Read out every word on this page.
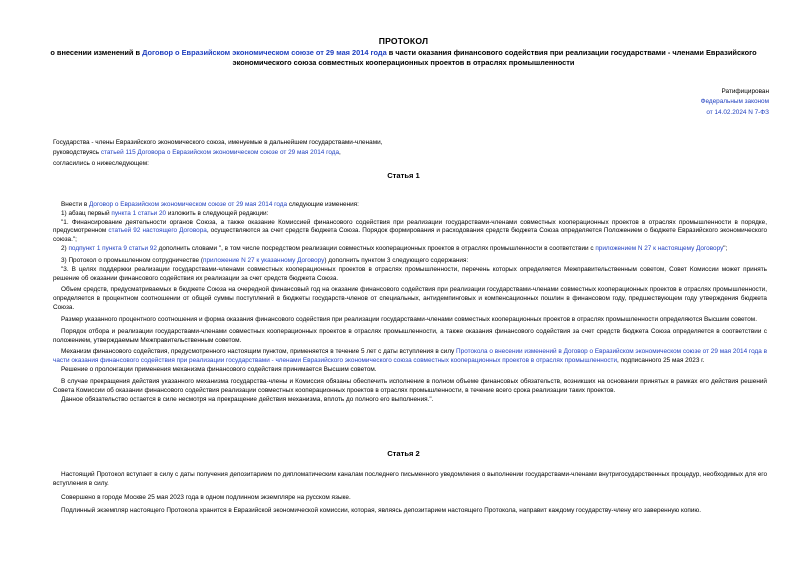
ПРОТОКОЛ
о внесении изменений в Договор о Евразийском экономическом союзе от 29 мая 2014 года в части оказания финансового содействия при реализации государствами - членами Евразийского экономического союза совместных кооперационных проектов в отраслях промышленности
Ратифицирован
Федеральным законом
от 14.02.2024 N 7-ФЗ
Государства - члены Евразийского экономического союза, именуемые в дальнейшем государствами-членами,
руководствуясь статьей 115 Договора о Евразийском экономическом союзе от 29 мая 2014 года,
согласились о нижеследующем:
Статья 1

Внести в Договор о Евразийском экономическом союзе от 29 мая 2014 года следующие изменения:

1) абзац первый пункта 1 статьи 20 изложить в следующей редакции:

"1. Финансирование деятельности органов Союза, а также оказание Комиссией финансового содействия при реализации государствами-членами совместных кооперационных проектов в отраслях промышленности в порядке, предусмотренном статьей 92 настоящего Договора, осуществляются за счет средств бюджета Союза. Порядок формирования и расходования средств бюджета Союза определяется Положением о бюджете Евразийского экономического союза.";

2) подпункт 1 пункта 9 статьи 92 дополнить словами ", в том числе посредством реализации совместных кооперационных проектов в отраслях промышленности в соответствии с приложением N 27 к настоящему Договору";

3) Протокол о промышленном сотрудничестве (приложение N 27 к указанному Договору) дополнить пунктом 3 следующего содержания:

"3. В целях поддержки реализации государствами-членами совместных кооперационных проектов в отраслях промышленности, перечень которых определяется Межправительственным советом, Совет Комиссии может принять решение об оказании финансового содействия их реализации за счет средств бюджета Союза.

Объем средств, предусматриваемых в бюджете Союза на очередной финансовый год на оказание финансового содействия при реализации государствами-членами совместных кооперационных проектов в отраслях промышленности, определяется в процентном соотношении от общей суммы поступлений в бюджеты государств-членов от специальных, антидемпинговых и компенсационных пошлин в финансовом году, предшествующем году утверждения бюджета Союза.

Размер указанного процентного соотношения и форма оказания финансового содействия при реализации государствами-членами совместных кооперационных проектов в отраслях промышленности определяются Высшим советом.

Порядок отбора и реализации государствами-членами совместных кооперационных проектов в отраслях промышленности, а также оказания финансового содействия за счет средств бюджета Союза определяется в соответствии с положением, утверждаемым Межправительственным советом.

Механизм финансового содействия, предусмотренного настоящим пунктом, применяется в течение 5 лет с даты вступления в силу Протокола о внесении изменений в Договор о Евразийском экономическом союзе от 29 мая 2014 года в части оказания финансового содействия при реализации государствами - членами Евразийского экономического союза совместных кооперационных проектов в отраслях промышленности, подписанного 25 мая 2023 г.

Решение о пролонгации применения механизма финансового содействия принимается Высшим советом.

В случае прекращения действия указанного механизма государства-члены и Комиссия обязаны обеспечить исполнение в полном объеме финансовых обязательств, возникших на основании принятых в рамках его действия решений Совета Комиссии об оказании финансового содействия реализации совместных кооперационных проектов в отраслях промышленности, в течение всего срока реализации таких проектов.

Данное обязательство остается в силе несмотря на прекращение действия механизма, вплоть до полного его выполнения.".

Статья 2

Настоящий Протокол вступает в силу с даты получения депозитарием по дипломатическим каналам последнего письменного уведомления о выполнении государствами-членами внутригосударственных процедур, необходимых для его вступления в силу.

Совершено в городе Москве 25 мая 2023 года в одном подлинном экземпляре на русском языке.

Подлинный экземпляр настоящего Протокола хранится в Евразийской экономической комиссии, которая, являясь депозитарием настоящего Протокола, направит каждому государству-члену его заверенную копию.
